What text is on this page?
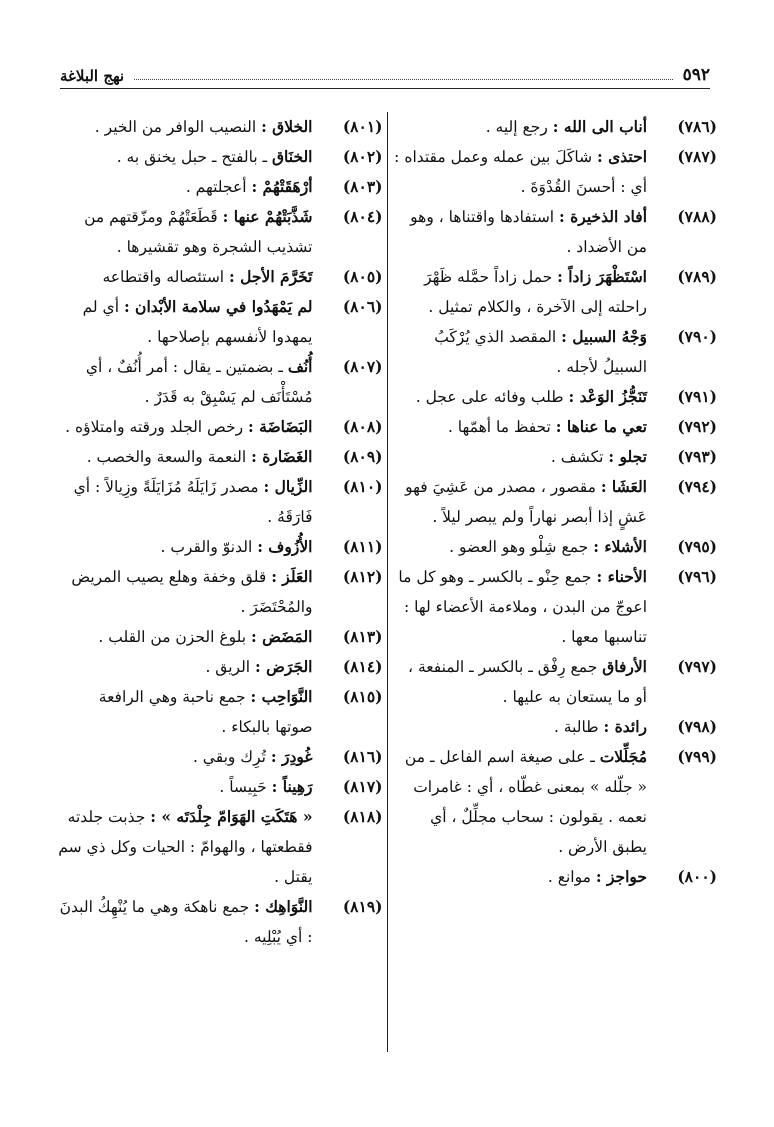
٥٩٢
نهج البلاغة
(٧٨٦)
أناب الى الله : رجع إليه .
(٧٨٧)
احتذى : شاكَلَ بين عمله وعمل مقتداه : أي : أحسنَ القُدْوَةَ .
(٧٨٨)
أفاد الذخيرة : استفادها واقتناها ، وهو من الأضداد .
(٧٨٩)
اسْتَظْهَرَ زاداً : حمل زاداً حمَّله ظَهْرَ راحلته إلى الآخرة ، والكلام تمثيل .
(٧٩٠)
وَجْهُ السبيل : المقصد الذي يُرْكَبُ السبيلُ لأجله .
(٧٩١)
تَنَجُّزُ الوَعْد : طلب وفائه على عجل .
(٧٩٢)
تعي ما عناها : تحفظ ما أهمّها .
(٧٩٣)
تجلو : تكشف .
(٧٩٤)
العَشَا : مقصور ، مصدر من عَشِيَ فهو عَشٍ إذا أبصر نهاراً ولم يبصر ليلاً .
(٧٩٥)
الأشلاء : جمع شِلْو وهو العضو .
(٧٩٦)
الأحناء : جمع حِنْو ـ بالكسر ـ وهو كل ما اعوجّ من البدن ، وملاءمة الأعضاء لها : تناسبها معها .
(٧٩٧)
الأرفاق جمع رِفْق ـ بالكسر ـ المنفعة ، أو ما يستعان به عليها .
(٧٩٨)
رائدة : طالبة .
(٧٩٩)
مُجَلِّلات ـ على صيغة اسم الفاعل ـ من « جلّله » بمعنى غطّاه ، أي : غامرات نعمه . يقولون : سحاب مجلِّلٌ ، أي يطبق الأرض .
(٨٠٠)
حواجز : موانع .
(٨٠١)
الخلاق : النصيب الوافر من الخير .
(٨٠٢)
الخنَاق ـ بالفتح ـ حبل يخنق به .
(٨٠٣)
أرْهَقَتْهُمْ : أعجلتهم .
(٨٠٤)
شَذَّبَتْهُمْ عنها : قَطَعَتْهُمْ ومزّقتهم من تشذيب الشجرة وهو تقشيرها .
(٨٠٥)
تَخَرَّمَ الأجل : استئصاله واقتطاعه
(٨٠٦)
لم يَمْهَدُوا في سلامة الأبْدان : أي لم يمهدوا لأنفسهم بإصلاحها .
(٨٠٧)
أُنُف ـ بضمتين ـ يقال : أمر أُنُفٌ ، أي مُسْتَأْنَف لم يَسْبِقْ به قَدَرٌ .
(٨٠٨)
البَضَاضَة : رخص الجلد ورقته وامتلاؤه .
(٨٠٩)
الغَضَارة : النعمة والسعة والخصب .
(٨١٠)
الزِّيال : مصدر زَايَلَهُ مُزَايَلَةً وزِيالاً : أي فَارَقَهُ .
(٨١١)
الأُزُوف : الدنوّ والقرب .
(٨١٢)
العَلَز : قلق وخفة وهلع يصيب المريض والمُحْتَضَرَ .
(٨١٣)
المَضَض : بلوغ الحزن من القلب .
(٨١٤)
الجَرَض : الريق .
(٨١٥)
النَّوَاحِب : جمع ناحبة وهي الرافعة صوتها بالبكاء .
(٨١٦)
غُودِرَ : تُرِك وبقي .
(٨١٧)
رَهِيناً : حَبِيساً .
(٨١٨)
« هَتَكَتِ الهَوَامّ جِلْدَتَه » : جذبت جلدته فقطعتها ، والهوامّ : الحيات وكل ذي سم يقتل .
(٨١٩)
النَّوَاهِك : جمع ناهكة وهي ما يُنْهِكُ البدنَ : أي يُبْلِيه .
